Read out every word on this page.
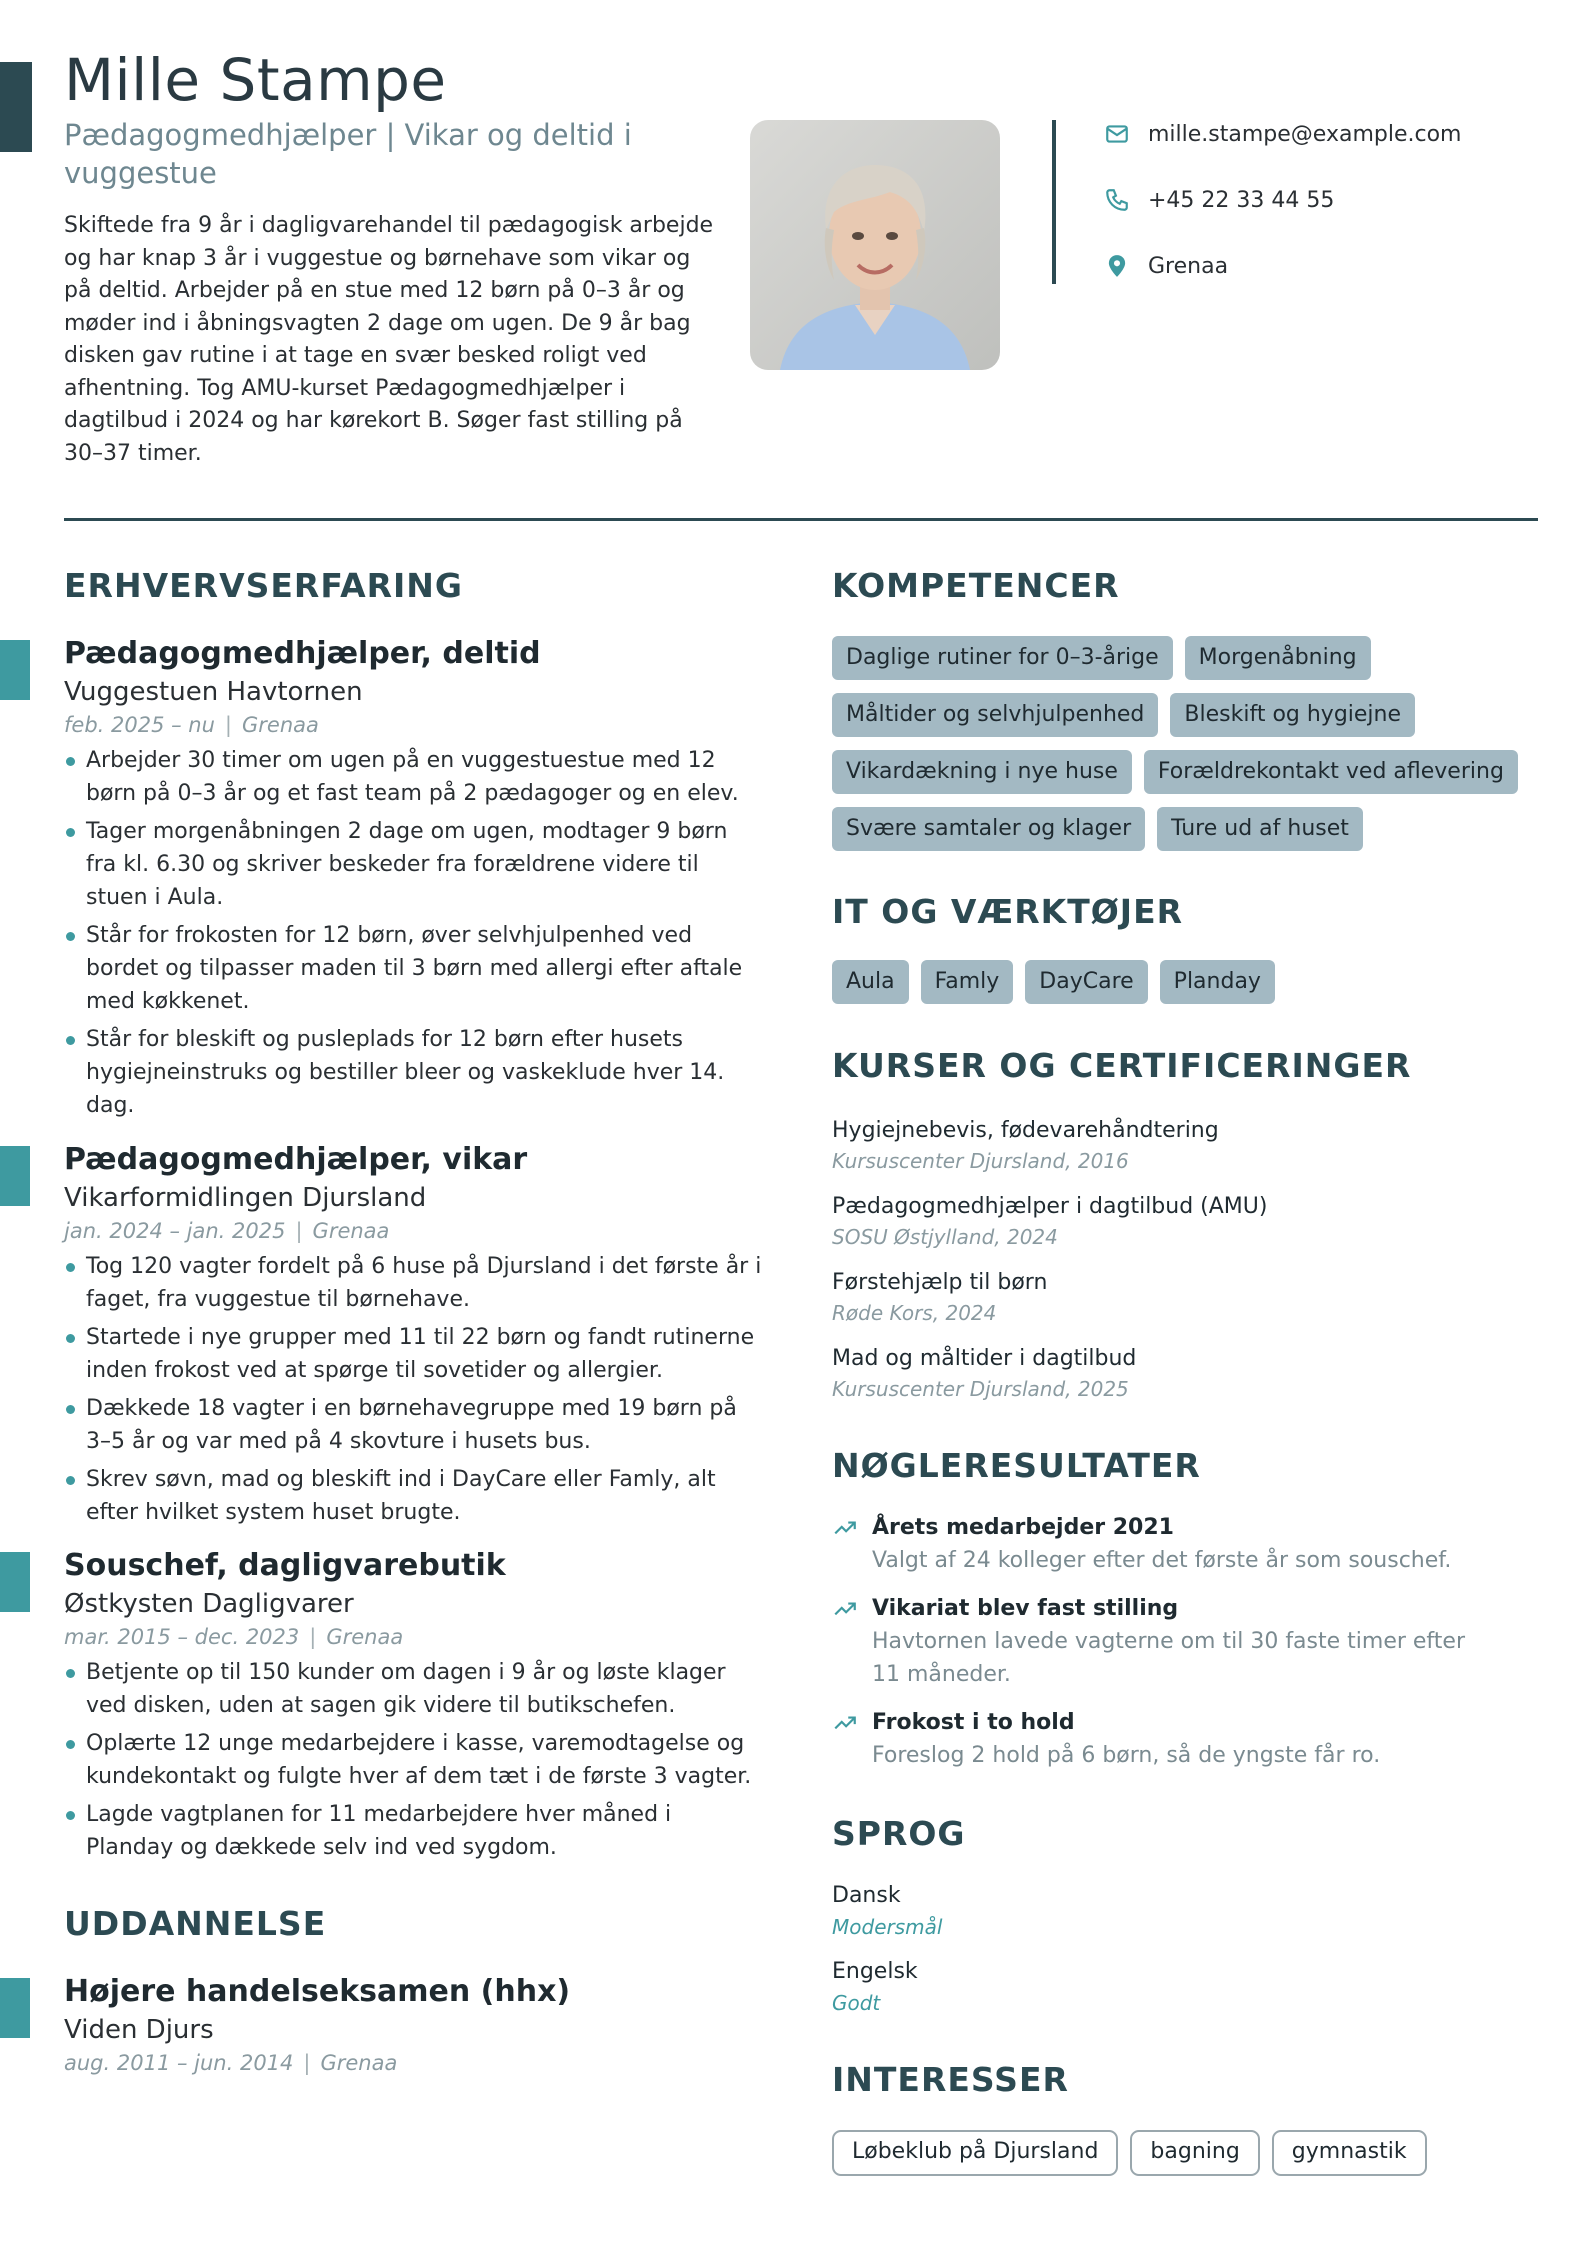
Mille Stampe
Pædagogmedhjælper | Vikar og deltid i vuggestue
Skiftede fra 9 år i dagligvarehandel til pædagogisk arbejde og har knap 3 år i vuggestue og børnehave som vikar og på deltid. Arbejder på en stue med 12 børn på 0–3 år og møder ind i åbningsvagten 2 dage om ugen. De 9 år bag disken gav rutine i at tage en svær besked roligt ved afhentning. Tog AMU-kurset Pædagogmedhjælper i dagtilbud i 2024 og har kørekort B. Søger fast stilling på 30–37 timer.
mille.stampe@example.com
+45 22 33 44 55
Grenaa
ERHVERVSERFARING
Pædagogmedhjælper, deltid
Vuggestuen Havtornen
feb. 2025 – nu | Grenaa
Arbejder 30 timer om ugen på en vuggestuestue med 12 børn på 0–3 år og et fast team på 2 pædagoger og en elev.
Tager morgenåbningen 2 dage om ugen, modtager 9 børn fra kl. 6.30 og skriver beskeder fra forældrene videre til stuen i Aula.
Står for frokosten for 12 børn, øver selvhjulpenhed ved bordet og tilpasser maden til 3 børn med allergi efter aftale med køkkenet.
Står for bleskift og puslеplads for 12 børn efter husets hygiejneinstruks og bestiller bleer og vaskeklude hver 14. dag.
Pædagogmedhjælper, vikar
Vikarformidlingen Djursland
jan. 2024 – jan. 2025 | Grenaa
Tog 120 vagter fordelt på 6 huse på Djursland i det første år i faget, fra vuggestue til børnehave.
Startede i nye grupper med 11 til 22 børn og fandt rutinerne inden frokost ved at spørge til sovetider og allergier.
Dækkede 18 vagter i en børnehavegruppe med 19 børn på 3–5 år og var med på 4 skovture i husets bus.
Skrev søvn, mad og bleskift ind i DayCare eller Famly, alt efter hvilket system huset brugte.
Souschef, dagligvarebutik
Østkysten Dagligvarer
mar. 2015 – dec. 2023 | Grenaa
Betjente op til 150 kunder om dagen i 9 år og løste klager ved disken, uden at sagen gik videre til butikschefen.
Oplærte 12 unge medarbejdere i kasse, varemodtagelse og kundekontakt og fulgte hver af dem tæt i de første 3 vagter.
Lagde vagtplanen for 11 medarbejdere hver måned i Planday og dækkede selv ind ved sygdom.
UDDANNELSE
Højere handelseksamen (hhx)
Viden Djurs
aug. 2011 – jun. 2014 | Grenaa
KOMPETENCER
Daglige rutiner for 0–3-årige	Morgenåbning
Måltider og selvhjulpenhed	Bleskift og hygiejne
Vikardækning i nye huse	Forældrekontakt ved aflevering
Svære samtaler og klager	Ture ud af huset
IT OG VÆRKTØJER
Aula	Famly	DayCare	Planday
KURSER OG CERTIFICERINGER
Hygiejnebevis, fødevarehåndtering
Kursuscenter Djursland, 2016
Pædagogmedhjælper i dagtilbud (AMU)
SOSU Østjylland, 2024
Førstehjælp til børn
Røde Kors, 2024
Mad og måltider i dagtilbud
Kursuscenter Djursland, 2025
NØGLERESULTATER
Årets medarbejder 2021
Valgt af 24 kolleger efter det første år som souschef.
Vikariat blev fast stilling
Havtornen lavede vagterne om til 30 faste timer efter 11 måneder.
Frokost i to hold
Foreslog 2 hold på 6 børn, så de yngste får ro.
SPROG
Dansk
Modersmål
Engelsk
Godt
INTERESSER
Løbeklub på Djursland	bagning	gymnastik
